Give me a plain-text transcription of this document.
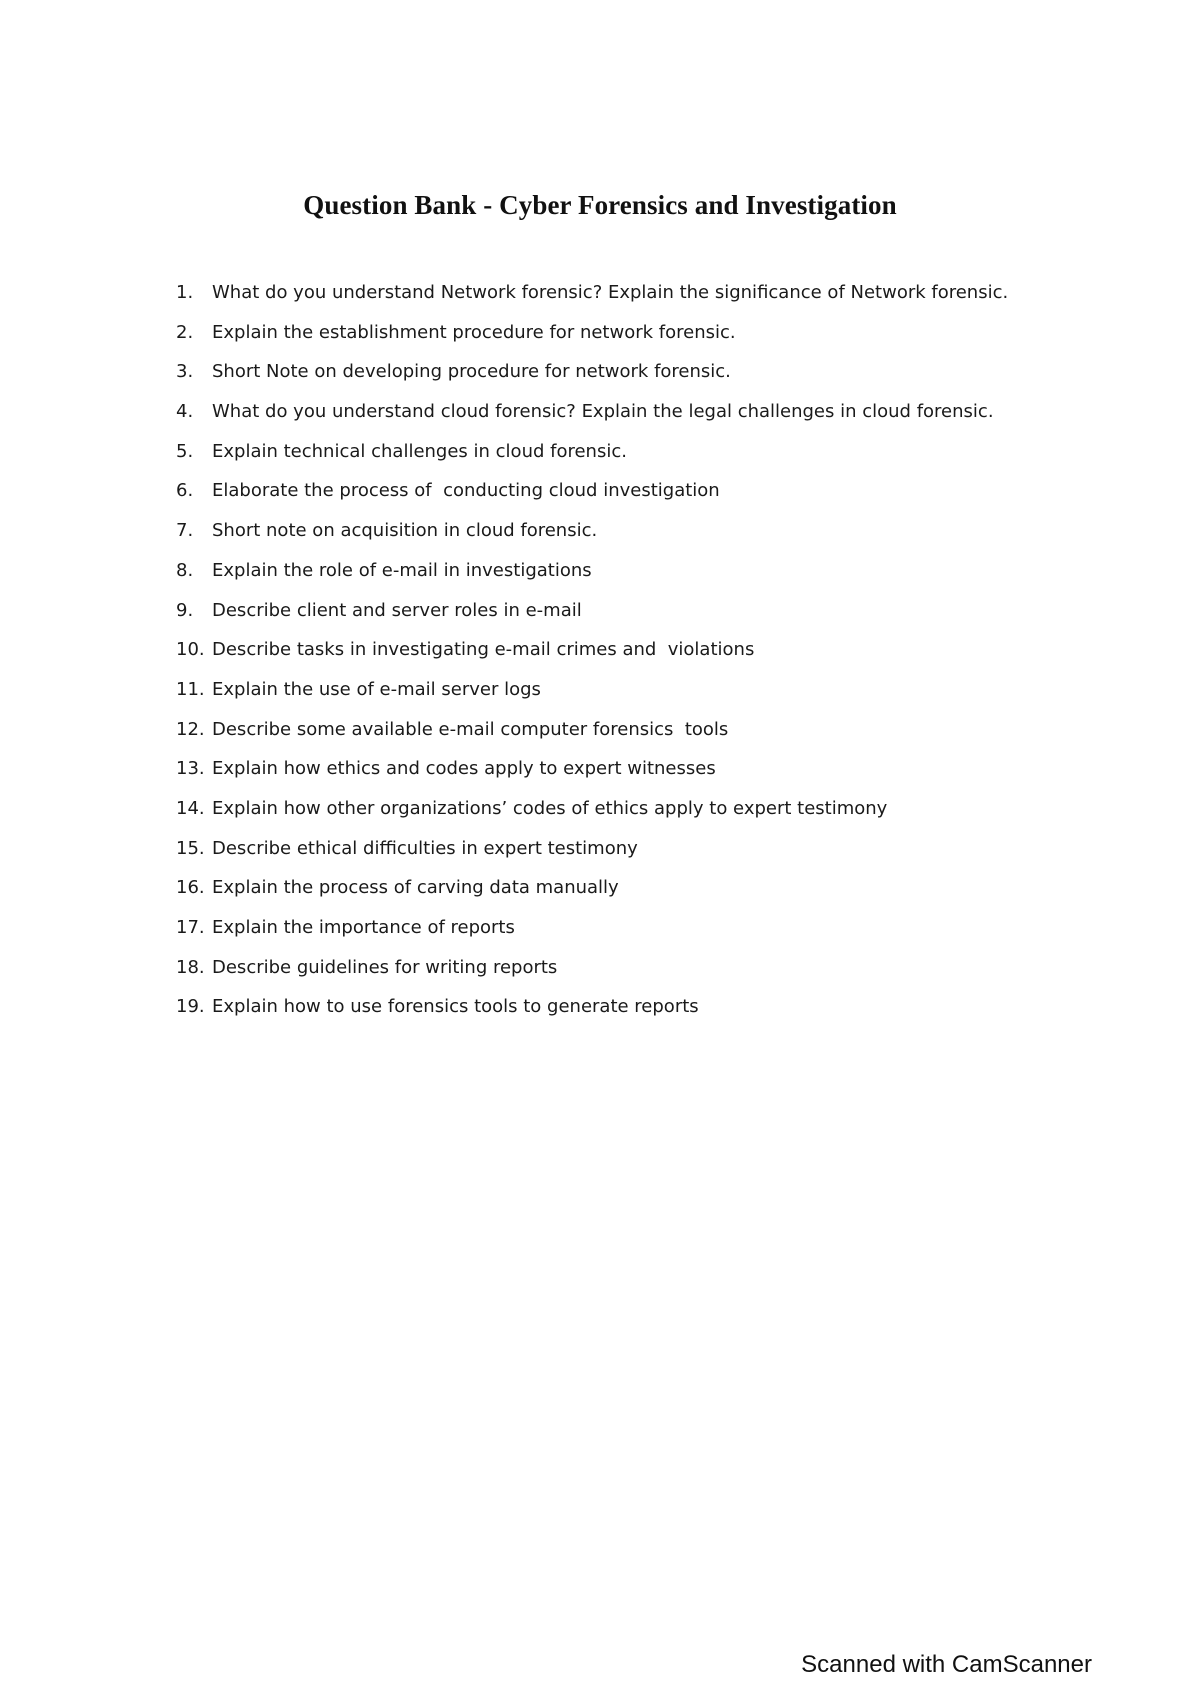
Question Bank - Cyber Forensics and Investigation
1.	What do you understand Network forensic? Explain the significance of Network forensic.
2.	Explain the establishment procedure for network forensic.
3.	Short Note on developing procedure for network forensic.
4.	What do you understand cloud forensic? Explain the legal challenges in cloud forensic.
5.	Explain technical challenges in cloud forensic.
6.	Elaborate the process of  conducting cloud investigation
7.	Short note on acquisition in cloud forensic.
8.	Explain the role of e-mail in investigations
9.	Describe client and server roles in e-mail
10. Describe tasks in investigating e-mail crimes and  violations
11. Explain the use of e-mail server logs
12. Describe some available e-mail computer forensics  tools
13. Explain how ethics and codes apply to expert witnesses
14. Explain how other organizations’ codes of ethics apply to expert testimony
15. Describe ethical difficulties in expert testimony
16. Explain the process of carving data manually
17. Explain the importance of reports
18. Describe guidelines for writing reports
19. Explain how to use forensics tools to generate reports
Scanned with CamScanner
